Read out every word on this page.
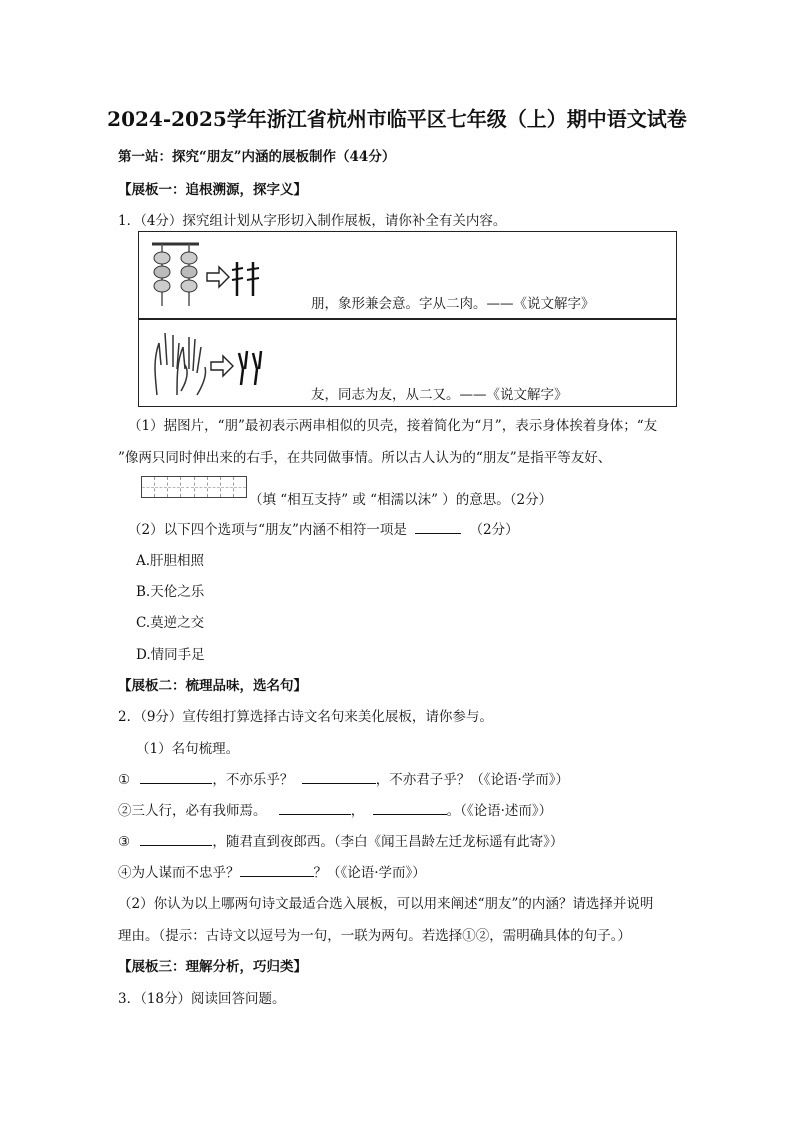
2024-2025学年浙江省杭州市临平区七年级（上）期中语文试卷
第一站：探究“朋友”内涵的展板制作（44分）
【展板一：追根溯源，探字义】
1．（4分）探究组计划从字形切入制作展板，请你补全有关内容。
朋，象形兼会意。字从二肉。——《说文解字》
友，同志为友，从二又。——《说文解字》
（1）据图片，“朋”最初表示两串相似的贝壳，接着简化为“月”，表示身体挨着身体；“友
”像两只同时伸出来的右手，在共同做事情。所以古人认为的“朋友”是指平等友好、
（填 “相互支持” 或 “相濡以沫” ）的意思。（2分）
（2）以下四个选项与“朋友”内涵不相符一项是	（2分）
A.肝胆相照
B.天伦之乐
C.莫逆之交
D.情同手足
【展板二：梳理品味，选名句】
2．（9分）宣传组打算选择古诗文名句来美化展板，请你参与。
（1）名句梳理。
①	，不亦乐乎？	，不亦君子乎？（《论语·学而》）
②三人行，必有我师焉。	，	。（《论语·述而》）
③	，随君直到夜郎西。（李白《闻王昌龄左迁龙标遥有此寄》）
④为人谋而不忠乎？	？（《论语·学而》）
（2）你认为以上哪两句诗文最适合选入展板，可以用来阐述“朋友”的内涵？请选择并说明
理由。（提示：古诗文以逗号为一句，一联为两句。若选择①②，需明确具体的句子。）
【展板三：理解分析，巧归类】
3．（18分）阅读回答问题。
